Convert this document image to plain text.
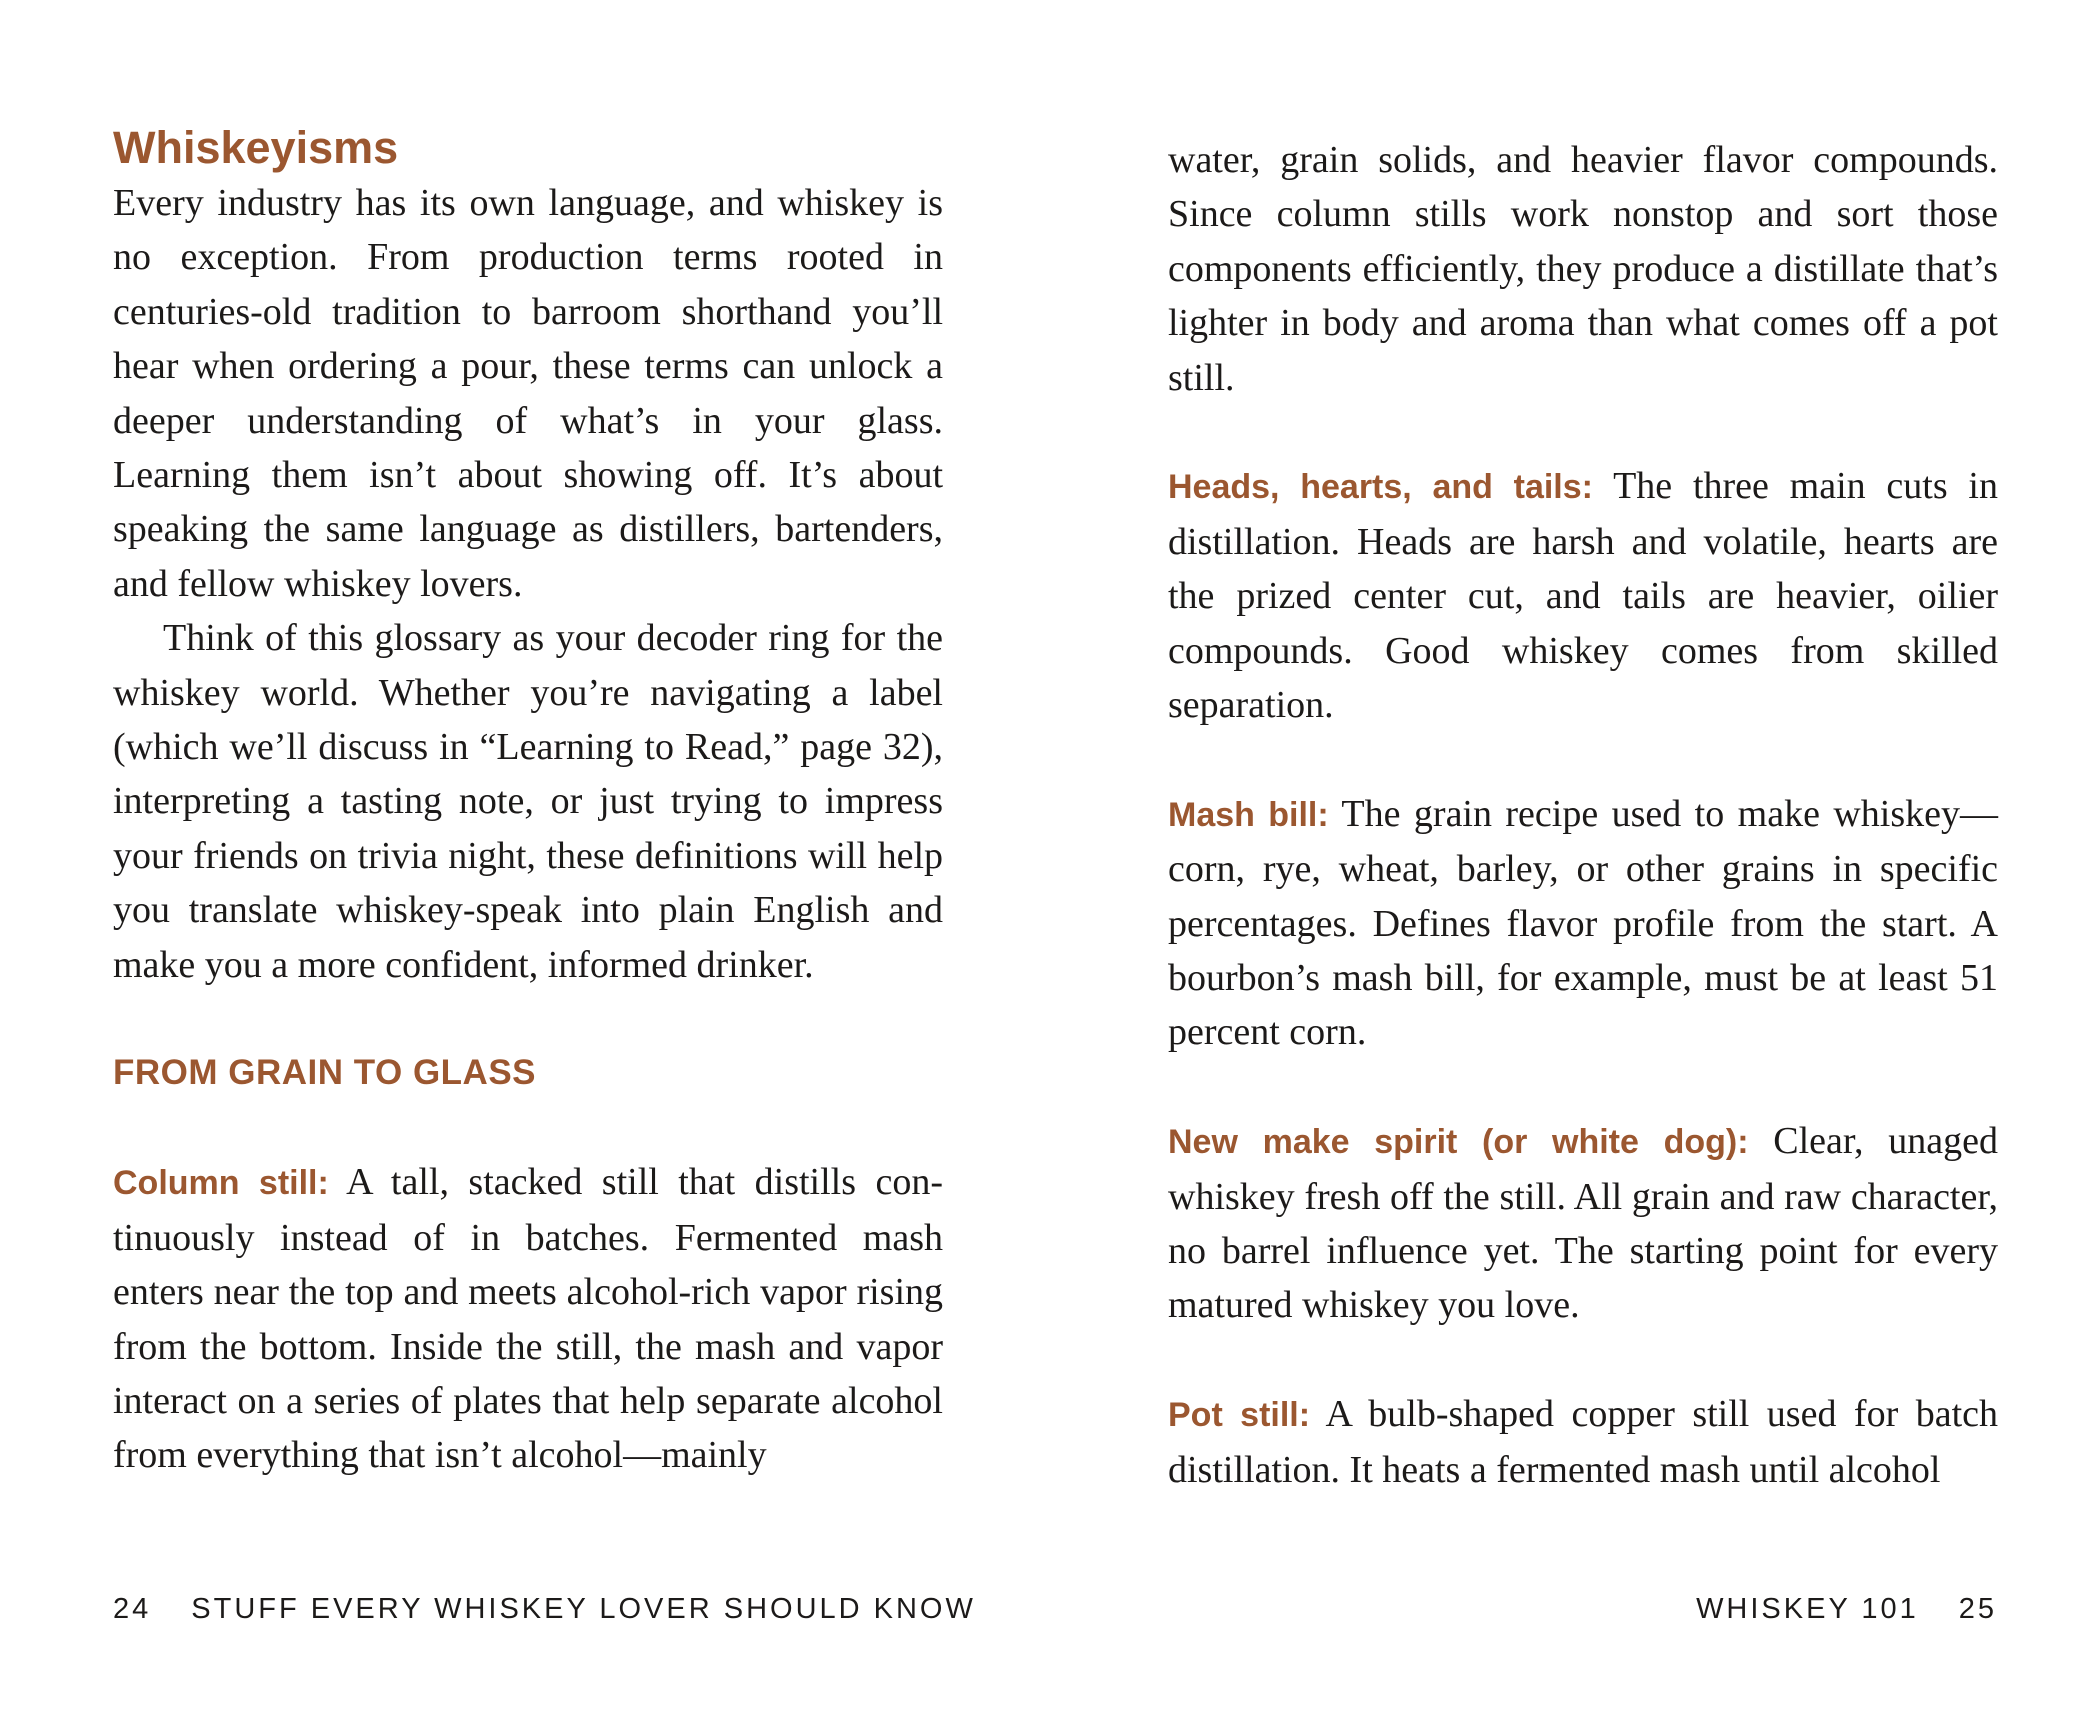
Whiskeyisms

Every industry has its own language, and whiskey is no exception. From production terms rooted in centuries-old tradition to barroom shorthand you’ll hear when ordering a pour, these terms can unlock a deeper understanding of what’s in your glass. Learning them isn’t about showing off. It’s about speaking the same language as distillers, bartenders, and fellow whiskey lovers.

Think of this glossary as your decoder ring for the whiskey world. Whether you’re navigating a label (which we’ll discuss in “Learning to Read,” page 32), interpreting a tasting note, or just trying to impress your friends on trivia night, these definitions will help you translate whiskey-speak into plain English and make you a more confident, informed drinker.

FROM GRAIN TO GLASS

Column still: A tall, stacked still that distills continuously instead of in batches. Fermented mash enters near the top and meets alcohol-rich vapor rising from the bottom. Inside the still, the mash and vapor interact on a series of plates that help separate alcohol from everything that isn’t alcohol—mainly

24 STUFF EVERY WHISKEY LOVER SHOULD KNOW

water, grain solids, and heavier flavor compounds. Since column stills work nonstop and sort those components efficiently, they produce a distillate that’s lighter in body and aroma than what comes off a pot still.

Heads, hearts, and tails: The three main cuts in distillation. Heads are harsh and volatile, hearts are the prized center cut, and tails are heavier, oilier compounds. Good whiskey comes from skilled separation.

Mash bill: The grain recipe used to make whiskey—corn, rye, wheat, barley, or other grains in specific percentages. Defines flavor profile from the start. A bourbon’s mash bill, for example, must be at least 51 percent corn.

New make spirit (or white dog): Clear, unaged whiskey fresh off the still. All grain and raw character, no barrel influence yet. The starting point for every matured whiskey you love.

Pot still: A bulb-shaped copper still used for batch distillation. It heats a fermented mash until alcohol

WHISKEY 101 25
